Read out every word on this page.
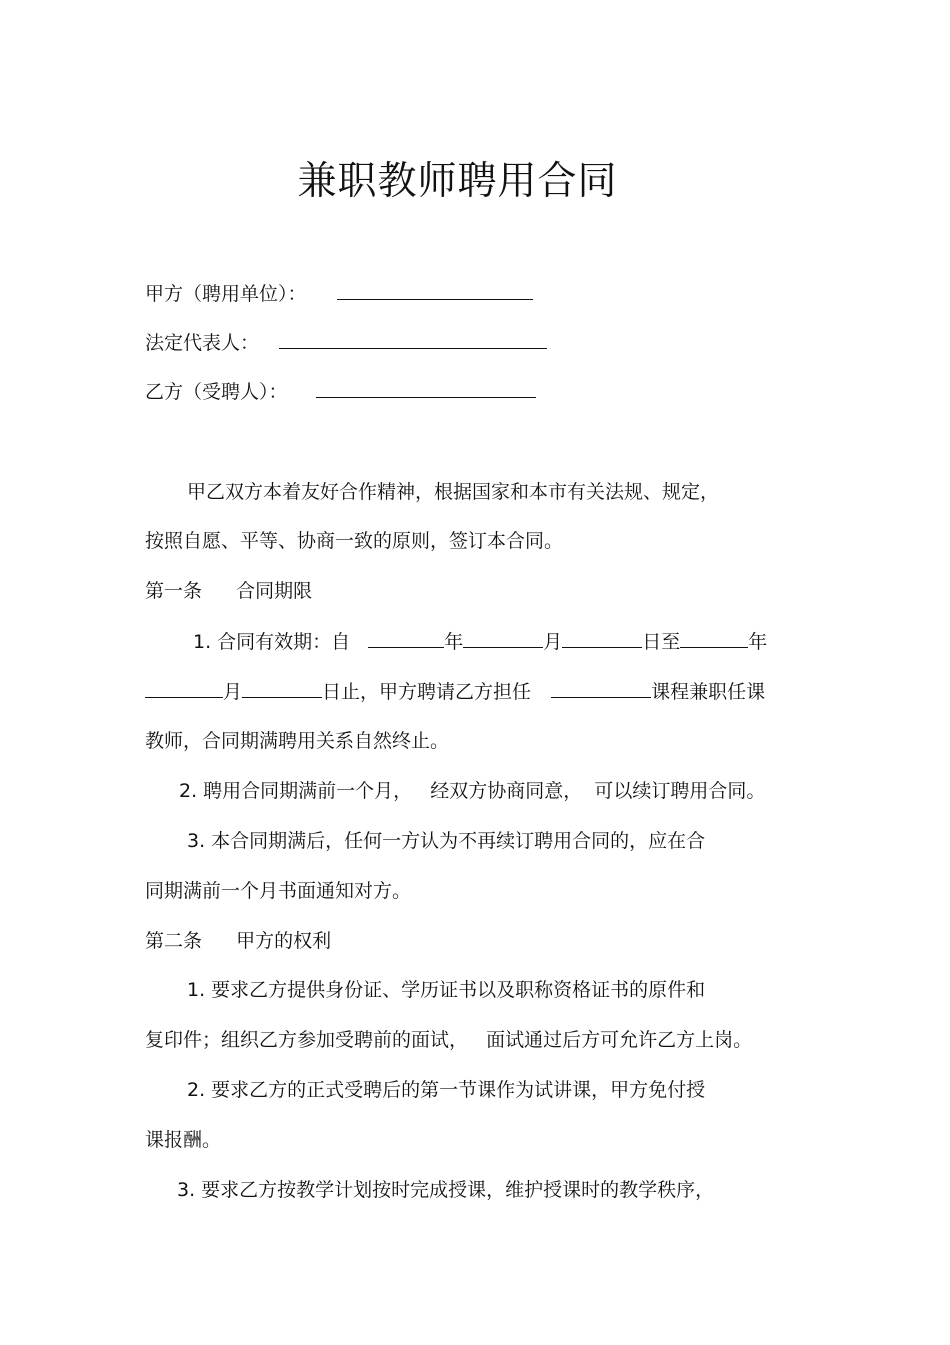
兼职教师聘用合同
甲方（聘用单位）：
法定代表人：
乙方（受聘人）：
甲乙双方本着友好合作精神，根据国家和本市有关法规、规定，
按照自愿、平等、协商一致的原则，签订本合同。
第一条 合同期限
1. 合同有效期：自	年	月	日至	年
月	日止，甲方聘请乙方担任	课程兼职任课
教师，合同期满聘用关系自然终止。
2. 聘用合同期满前一个月，   经双方协商同意，  可以续订聘用合同。
3. 本合同期满后，任何一方认为不再续订聘用合同的，应在合
同期满前一个月书面通知对方。
第二条 甲方的权利
1. 要求乙方提供身份证、学历证书以及职称资格证书的原件和
复印件；组织乙方参加受聘前的面试，   面试通过后方可允许乙方上岗。
2. 要求乙方的正式受聘后的第一节课作为试讲课，甲方免付授
课报酬。
3. 要求乙方按教学计划按时完成授课，维护授课时的教学秩序，
